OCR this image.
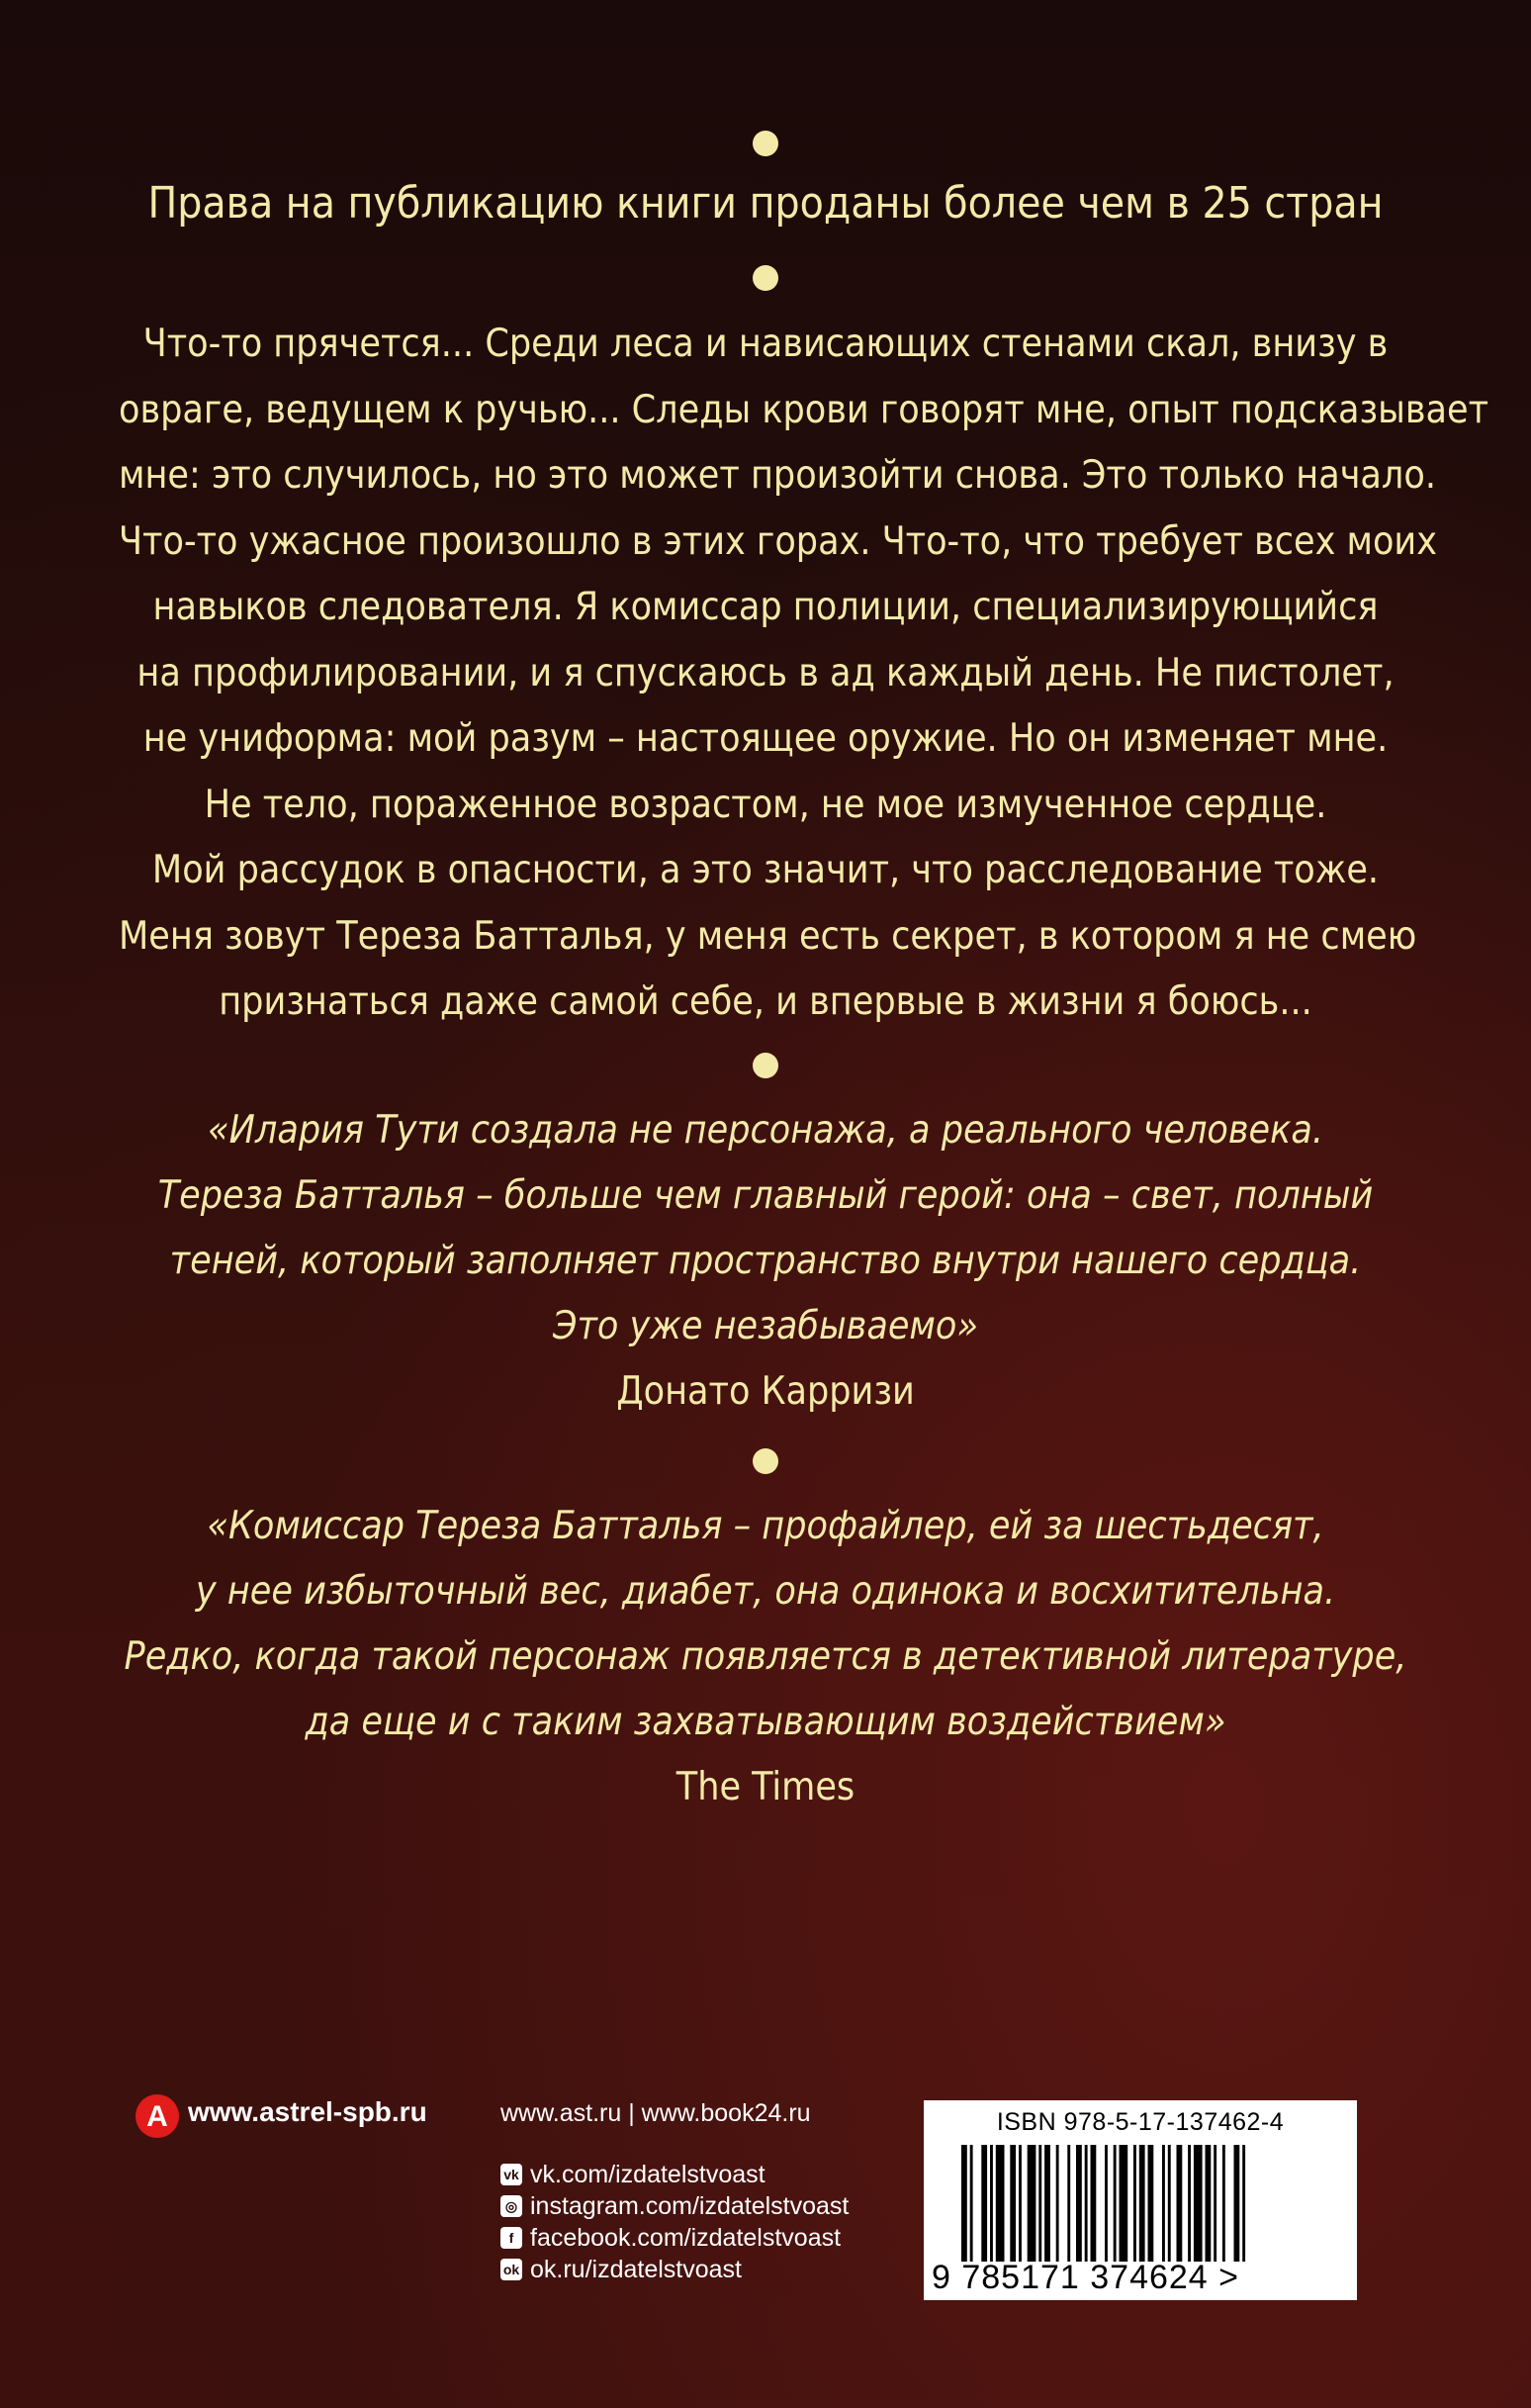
Права на публикацию книги проданы более чем в 25 стран
Что-то прячется... Среди леса и нависающих стенами скал, внизу в
овраге, ведущем к ручью... Следы крови говорят мне, опыт подсказывает
мне: это случилось, но это может произойти снова. Это только начало.
Что-то ужасное произошло в этих горах. Что-то, что требует всех моих
навыков следователя. Я комиссар полиции, специализирующийся
на профилировании, и я спускаюсь в ад каждый день. Не пистолет,
не униформа: мой разум – настоящее оружие. Но он изменяет мне.
Не тело, пораженное возрастом, не мое измученное сердце.
Мой рассудок в опасности, а это значит, что расследование тоже.
Меня зовут Тереза Батталья, у меня есть секрет, в котором я не смею
признаться даже самой себе, и впервые в жизни я боюсь...
«Илария Тути создала не персонажа, а реального человека.
Тереза Батталья – больше чем главный герой: она – свет, полный
теней, который заполняет пространство внутри нашего сердца.
Это уже незабываемо»
Донато Карризи
«Комиссар Тереза Батталья – профайлер, ей за шестьдесят,
у нее избыточный вес, диабет, она одинока и восхитительна.
Редко, когда такой персонаж появляется в детективной литературе,
да еще и с таким захватывающим воздействием»
The Times
A www.astrel-spb.ru	www.ast.ru | www.book24.ru
vk vk.com/izdatelstvoast
◎ instagram.com/izdatelstvoast
f facebook.com/izdatelstvoast
ok ok.ru/izdatelstvoast
ISBN 978-5-17-137462-4
9 785171 374624 >
